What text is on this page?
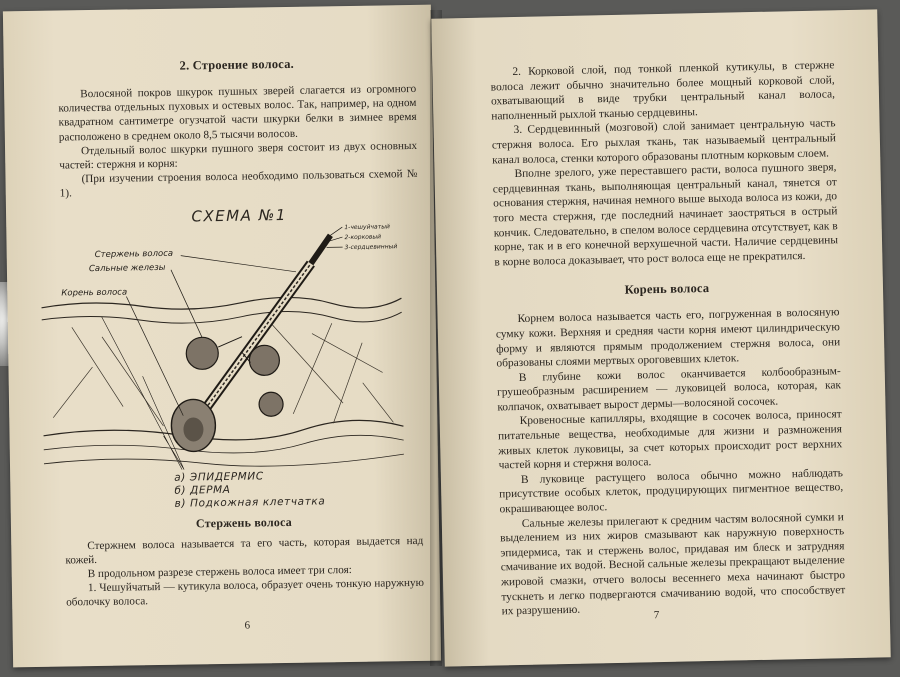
2. Строение волоса.

Волосяной покров шкурок пушных зверей слагается из огромного количества отдельных пуховых и остевых волос. Так, например, на одном квадратном сантиметре огузчатой части шкурки белки в зимнее время расположено в среднем около 8,5 тысячи волосов.

Отдельный волос шкурки пушного зверя состоит из двух основных частей: стержня и корня:

(При изучении строения волоса необходимо пользоваться схемой № 1).

СХЕМА №1
Стержень волоса
Сальные железы
Корень волоса
1-чешуйчатый
2-корковый
3-сердцевинный
а) ЭПИДЕРМИС
б) ДЕРМА
в) Подкожная клетчатка
Стержень волоса

Стержнем волоса называется та его часть, которая выдается над кожей.

В продольном разрезе стержень волоса имеет три слоя:

1. Чешуйчатый — кутикула волоса, образует очень тонкую наружную оболочку волоса.

6

2. Корковой слой, под тонкой пленкой кутикулы, в стержне волоса лежит обычно значительно более мощный корковой слой, охватывающий в виде трубки центральный канал волоса, наполненный рыхлой тканью сердцевины.

3. Сердцевинный (мозговой) слой занимает центральную часть стержня волоса. Его рыхлая ткань, так называемый центральный канал волоса, стенки которого образованы плотным корковым слоем.

Вполне зрелого, уже переставшего расти, волоса пушного зверя, сердцевинная ткань, выполняющая центральный канал, тянется от основания стержня, начиная немного выше выхода волоса из кожи, до того места стержня, где последний начинает заостряться в острый кончик. Следовательно, в спелом волосе сердцевина отсутствует, как в корне, так и в его конечной верхушечной части. Наличие сердцевины в корне волоса доказывает, что рост волоса еще не прекратился.

Корень волоса

Корнем волоса называется часть его, погруженная в волосяную сумку кожи. Верхняя и средняя части корня имеют цилиндрическую форму и являются прямым продолжением стержня волоса, они образованы слоями мертвых ороговевших клеток.

В глубине кожи волос оканчивается колбообразным-грушеобразным расширением — луковицей волоса, которая, как колпачок, охватывает вырост дермы—волосяной сосочек.

Кровеносные капилляры, входящие в сосочек волоса, приносят питательные вещества, необходимые для жизни и размножения живых клеток луковицы, за счет которых происходит рост верхних частей корня и стержня волоса.

В луковице растущего волоса обычно можно наблюдать присутствие особых клеток, продуцирующих пигментное вещество, окрашивающее волос.

Сальные железы прилегают к средним частям волосяной сумки и выделением из них жиров смазывают как наружную поверхность эпидермиса, так и стержень волос, придавая им блеск и затрудняя смачивание их водой. Весной сальные железы прекращают выделение жировой смазки, отчего волосы весеннего меха начинают быстро тускнеть и легко подвергаются смачиванию водой, что способствует их разрушению.	7
